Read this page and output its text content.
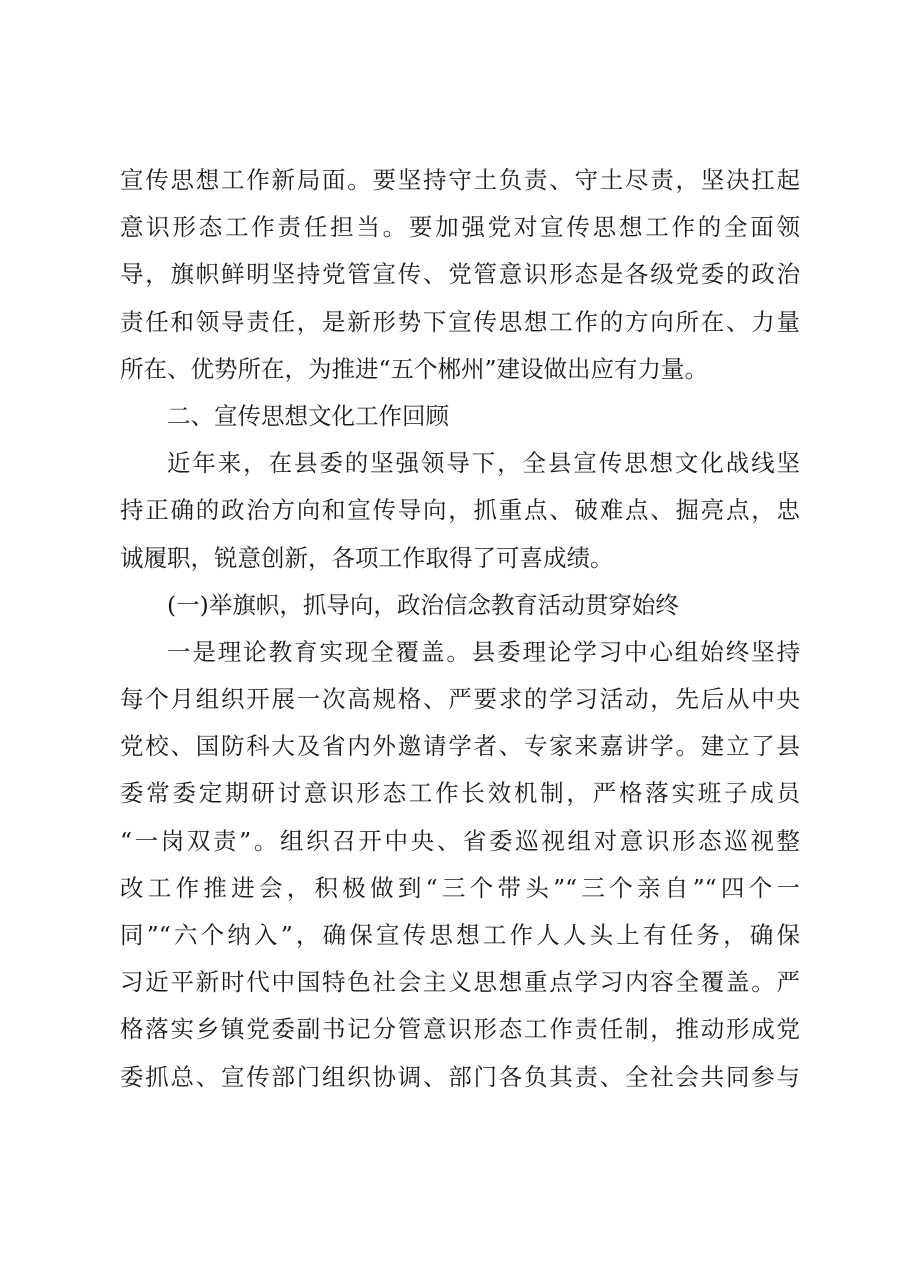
宣传思想工作新局面。要坚持守土负责、守土尽责，坚决扛起
意识形态工作责任担当。要加强党对宣传思想工作的全面领
导，旗帜鲜明坚持党管宣传、党管意识形态是各级党委的政治
责任和领导责任，是新形势下宣传思想工作的方向所在、力量
所在、优势所在，为推进“五个郴州”建设做出应有力量。
二、宣传思想文化工作回顾
近年来，在县委的坚强领导下，全县宣传思想文化战线坚
持正确的政治方向和宣传导向，抓重点、破难点、掘亮点，忠
诚履职，锐意创新，各项工作取得了可喜成绩。
(一)举旗帜，抓导向，政治信念教育活动贯穿始终
一是理论教育实现全覆盖。县委理论学习中心组始终坚持
每个月组织开展一次高规格、严要求的学习活动，先后从中央
党校、国防科大及省内外邀请学者、专家来嘉讲学。建立了县
委常委定期研讨意识形态工作长效机制，严格落实班子成员
“一岗双责”。组织召开中央、省委巡视组对意识形态巡视整
改工作推进会，积极做到“三个带头”“三个亲自”“四个一
同”“六个纳入”，确保宣传思想工作人人头上有任务，确保
习近平新时代中国特色社会主义思想重点学习内容全覆盖。严
格落实乡镇党委副书记分管意识形态工作责任制，推动形成党
委抓总、宣传部门组织协调、部门各负其责、全社会共同参与
